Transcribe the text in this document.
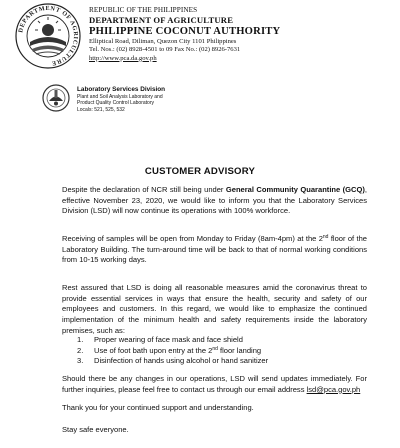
DEPARTMENT OF AGRICULTURE
REPUBLIC OF THE PHILIPPINES
DEPARTMENT OF AGRICULTURE
PHILIPPINE COCONUT AUTHORITY
Elliptical Road, Diliman, Quezon City 1101 Philippines
Tel. Nos.: (02) 8928-4501 to 09 Fax No.: (02) 8926-7631
http://www.pca.da.gov.ph
Laboratory Services Division
Plant and Soil Analysis Laboratory and
Product Quality Control Laboratory
Locals: 521, 525, 532
CUSTOMER ADVISORY
Despite the declaration of NCR still being under General Community Quarantine (GCQ), effective November 23, 2020, we would like to inform you that the Laboratory Services Division (LSD) will now continue its operations with 100% workforce.
Receiving of samples will be open from Monday to Friday (8am-4pm) at the 2nd floor of the Laboratory Building. The turn-around time will be back to that of normal working conditions from 10-15 working days.
Rest assured that LSD is doing all reasonable measures amid the coronavirus threat to provide essential services in ways that ensure the health, security and safety of our employees and customers. In this regard, we would like to emphasize the continued implementation of the minimum health and safety requirements inside the laboratory premises, such as:
1. Proper wearing of face mask and face shield
2. Use of foot bath upon entry at the 2nd floor landing
3. Disinfection of hands using alcohol or hand sanitizer
Should there be any changes in our operations, LSD will send updates immediately. For further inquiries, please feel free to contact us through our email address lsd@pca.gov.ph
Thank you for your continued support and understanding.
Stay safe everyone.
